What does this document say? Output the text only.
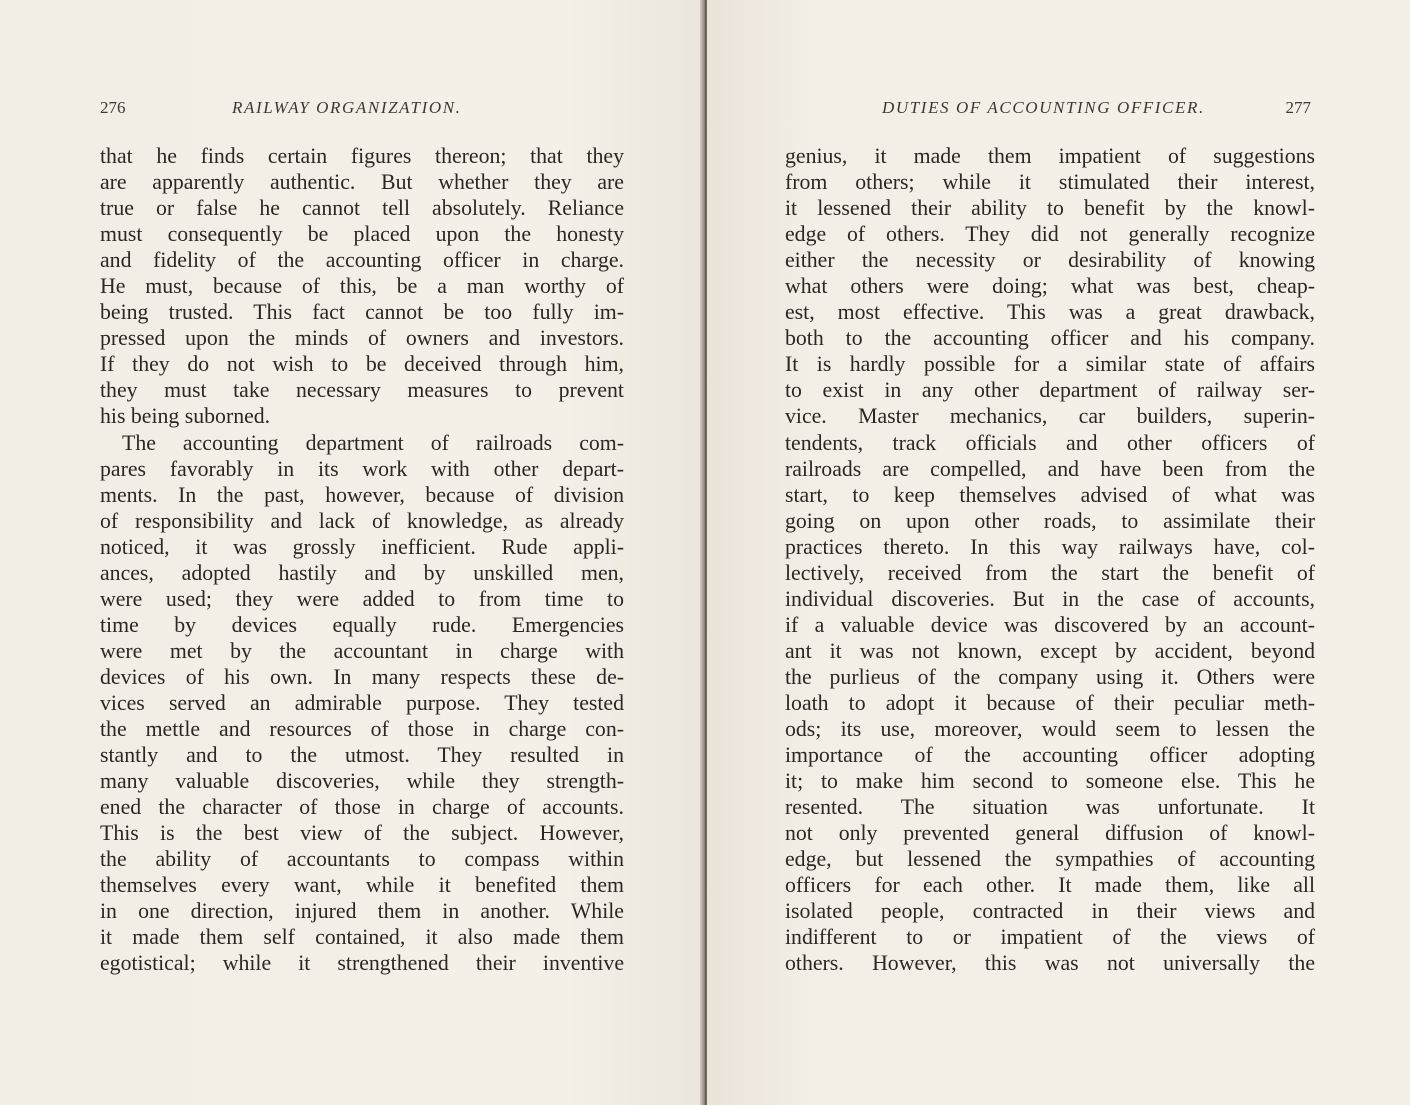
276	RAILWAY ORGANIZATION.
that he finds certain figures thereon; that they
are apparently authentic. But whether they are
true or false he cannot tell absolutely. Reliance
must consequently be placed upon the honesty
and fidelity of the accounting officer in charge.
He must, because of this, be a man worthy of
being trusted. This fact cannot be too fully im-
pressed upon the minds of owners and investors.
If they do not wish to be deceived through him,
they must take necessary measures to prevent
his being suborned.
The accounting department of railroads com-
pares favorably in its work with other depart-
ments. In the past, however, because of division
of responsibility and lack of knowledge, as already
noticed, it was grossly inefficient. Rude appli-
ances, adopted hastily and by unskilled men,
were used; they were added to from time to
time by devices equally rude. Emergencies
were met by the accountant in charge with
devices of his own. In many respects these de-
vices served an admirable purpose. They tested
the mettle and resources of those in charge con-
stantly and to the utmost. They resulted in
many valuable discoveries, while they strength-
ened the character of those in charge of accounts.
This is the best view of the subject. However,
the ability of accountants to compass within
themselves every want, while it benefited them
in one direction, injured them in another. While
it made them self contained, it also made them
egotistical; while it strengthened their inventive
DUTIES OF ACCOUNTING OFFICER.	277
genius, it made them impatient of suggestions
from others; while it stimulated their interest,
it lessened their ability to benefit by the knowl-
edge of others. They did not generally recognize
either the necessity or desirability of knowing
what others were doing; what was best, cheap-
est, most effective. This was a great drawback,
both to the accounting officer and his company.
It is hardly possible for a similar state of affairs
to exist in any other department of railway ser-
vice. Master mechanics, car builders, superin-
tendents, track officials and other officers of
railroads are compelled, and have been from the
start, to keep themselves advised of what was
going on upon other roads, to assimilate their
practices thereto. In this way railways have, col-
lectively, received from the start the benefit of
individual discoveries. But in the case of accounts,
if a valuable device was discovered by an account-
ant it was not known, except by accident, beyond
the purlieus of the company using it. Others were
loath to adopt it because of their peculiar meth-
ods; its use, moreover, would seem to lessen the
importance of the accounting officer adopting
it; to make him second to someone else. This he
resented. The situation was unfortunate. It
not only prevented general diffusion of knowl-
edge, but lessened the sympathies of accounting
officers for each other. It made them, like all
isolated people, contracted in their views and
indifferent to or impatient of the views of
others. However, this was not universally the
